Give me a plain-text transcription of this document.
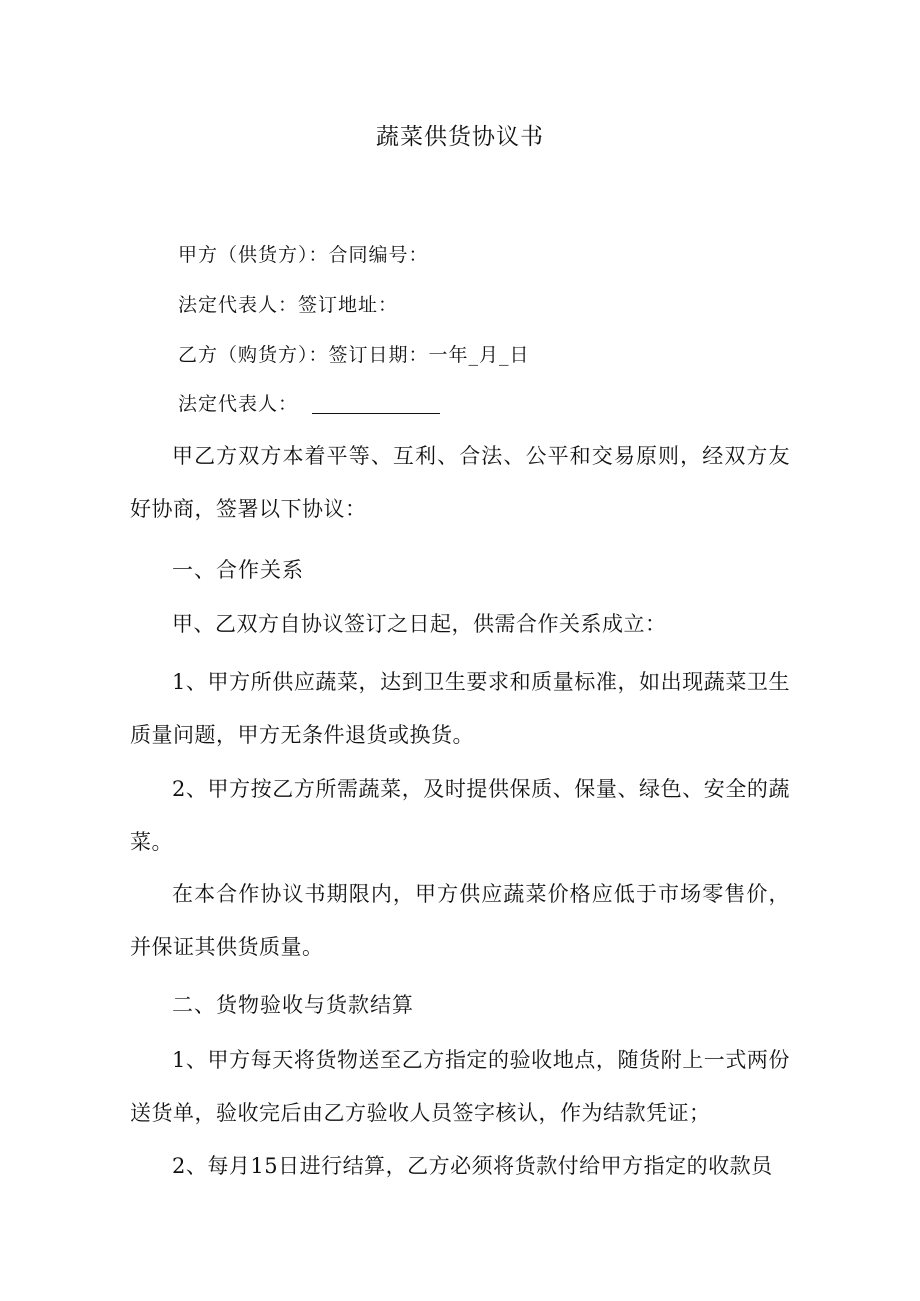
蔬菜供货协议书
甲方（供货方）：合同编号：
法定代表人：签订地址：
乙方（购货方）：签订日期：一年_月_日
法定代表人：

甲乙方双方本着平等、互利、合法、公平和交易原则，经双方友好协商，签署以下协议：

一、合作关系

甲、乙双方自协议签订之日起，供需合作关系成立：

1、甲方所供应蔬菜，达到卫生要求和质量标准，如出现蔬菜卫生质量问题，甲方无条件退货或换货。

2、甲方按乙方所需蔬菜，及时提供保质、保量、绿色、安全的蔬菜。

在本合作协议书期限内，甲方供应蔬菜价格应低于市场零售价，并保证其供货质量。

二、货物验收与货款结算

1、甲方每天将货物送至乙方指定的验收地点，随货附上一式两份送货单，验收完后由乙方验收人员签字核认，作为结款凭证；

2、每月15日进行结算，乙方必须将货款付给甲方指定的收款员
